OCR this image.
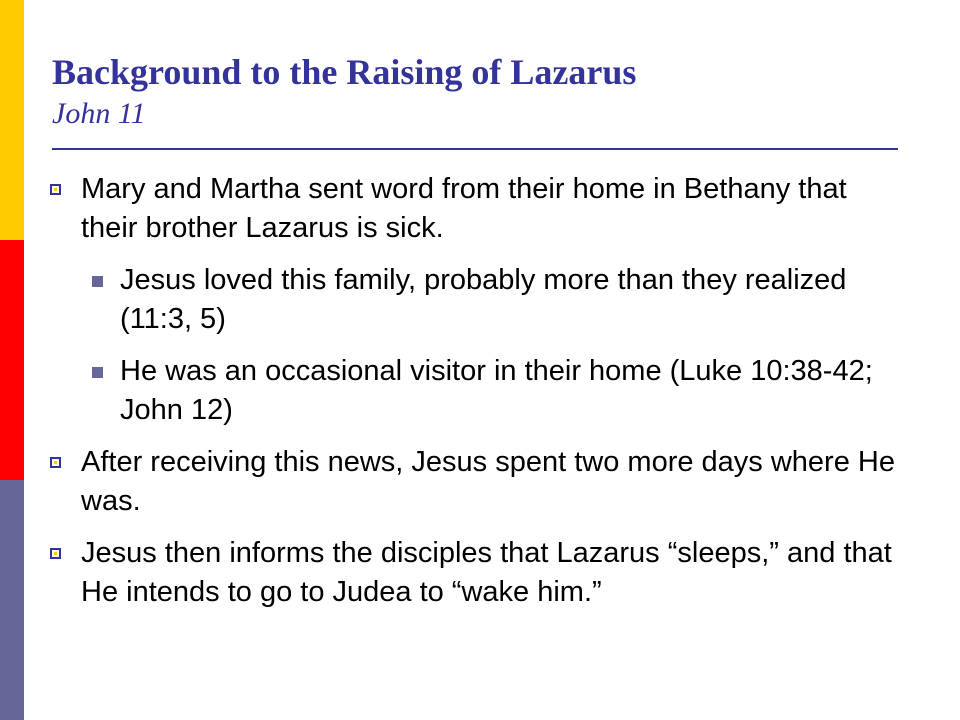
Background to the Raising of Lazarus
John 11
Mary and Martha sent word from their home in Bethany that their brother Lazarus is sick.
Jesus loved this family, probably more than they realized (11:3, 5)
He was an occasional visitor in their home (Luke 10:38-42; John 12)
After receiving this news, Jesus spent two more days where He was.
Jesus then informs the disciples that Lazarus “sleeps,” and that He intends to go to Judea to “wake him.”
